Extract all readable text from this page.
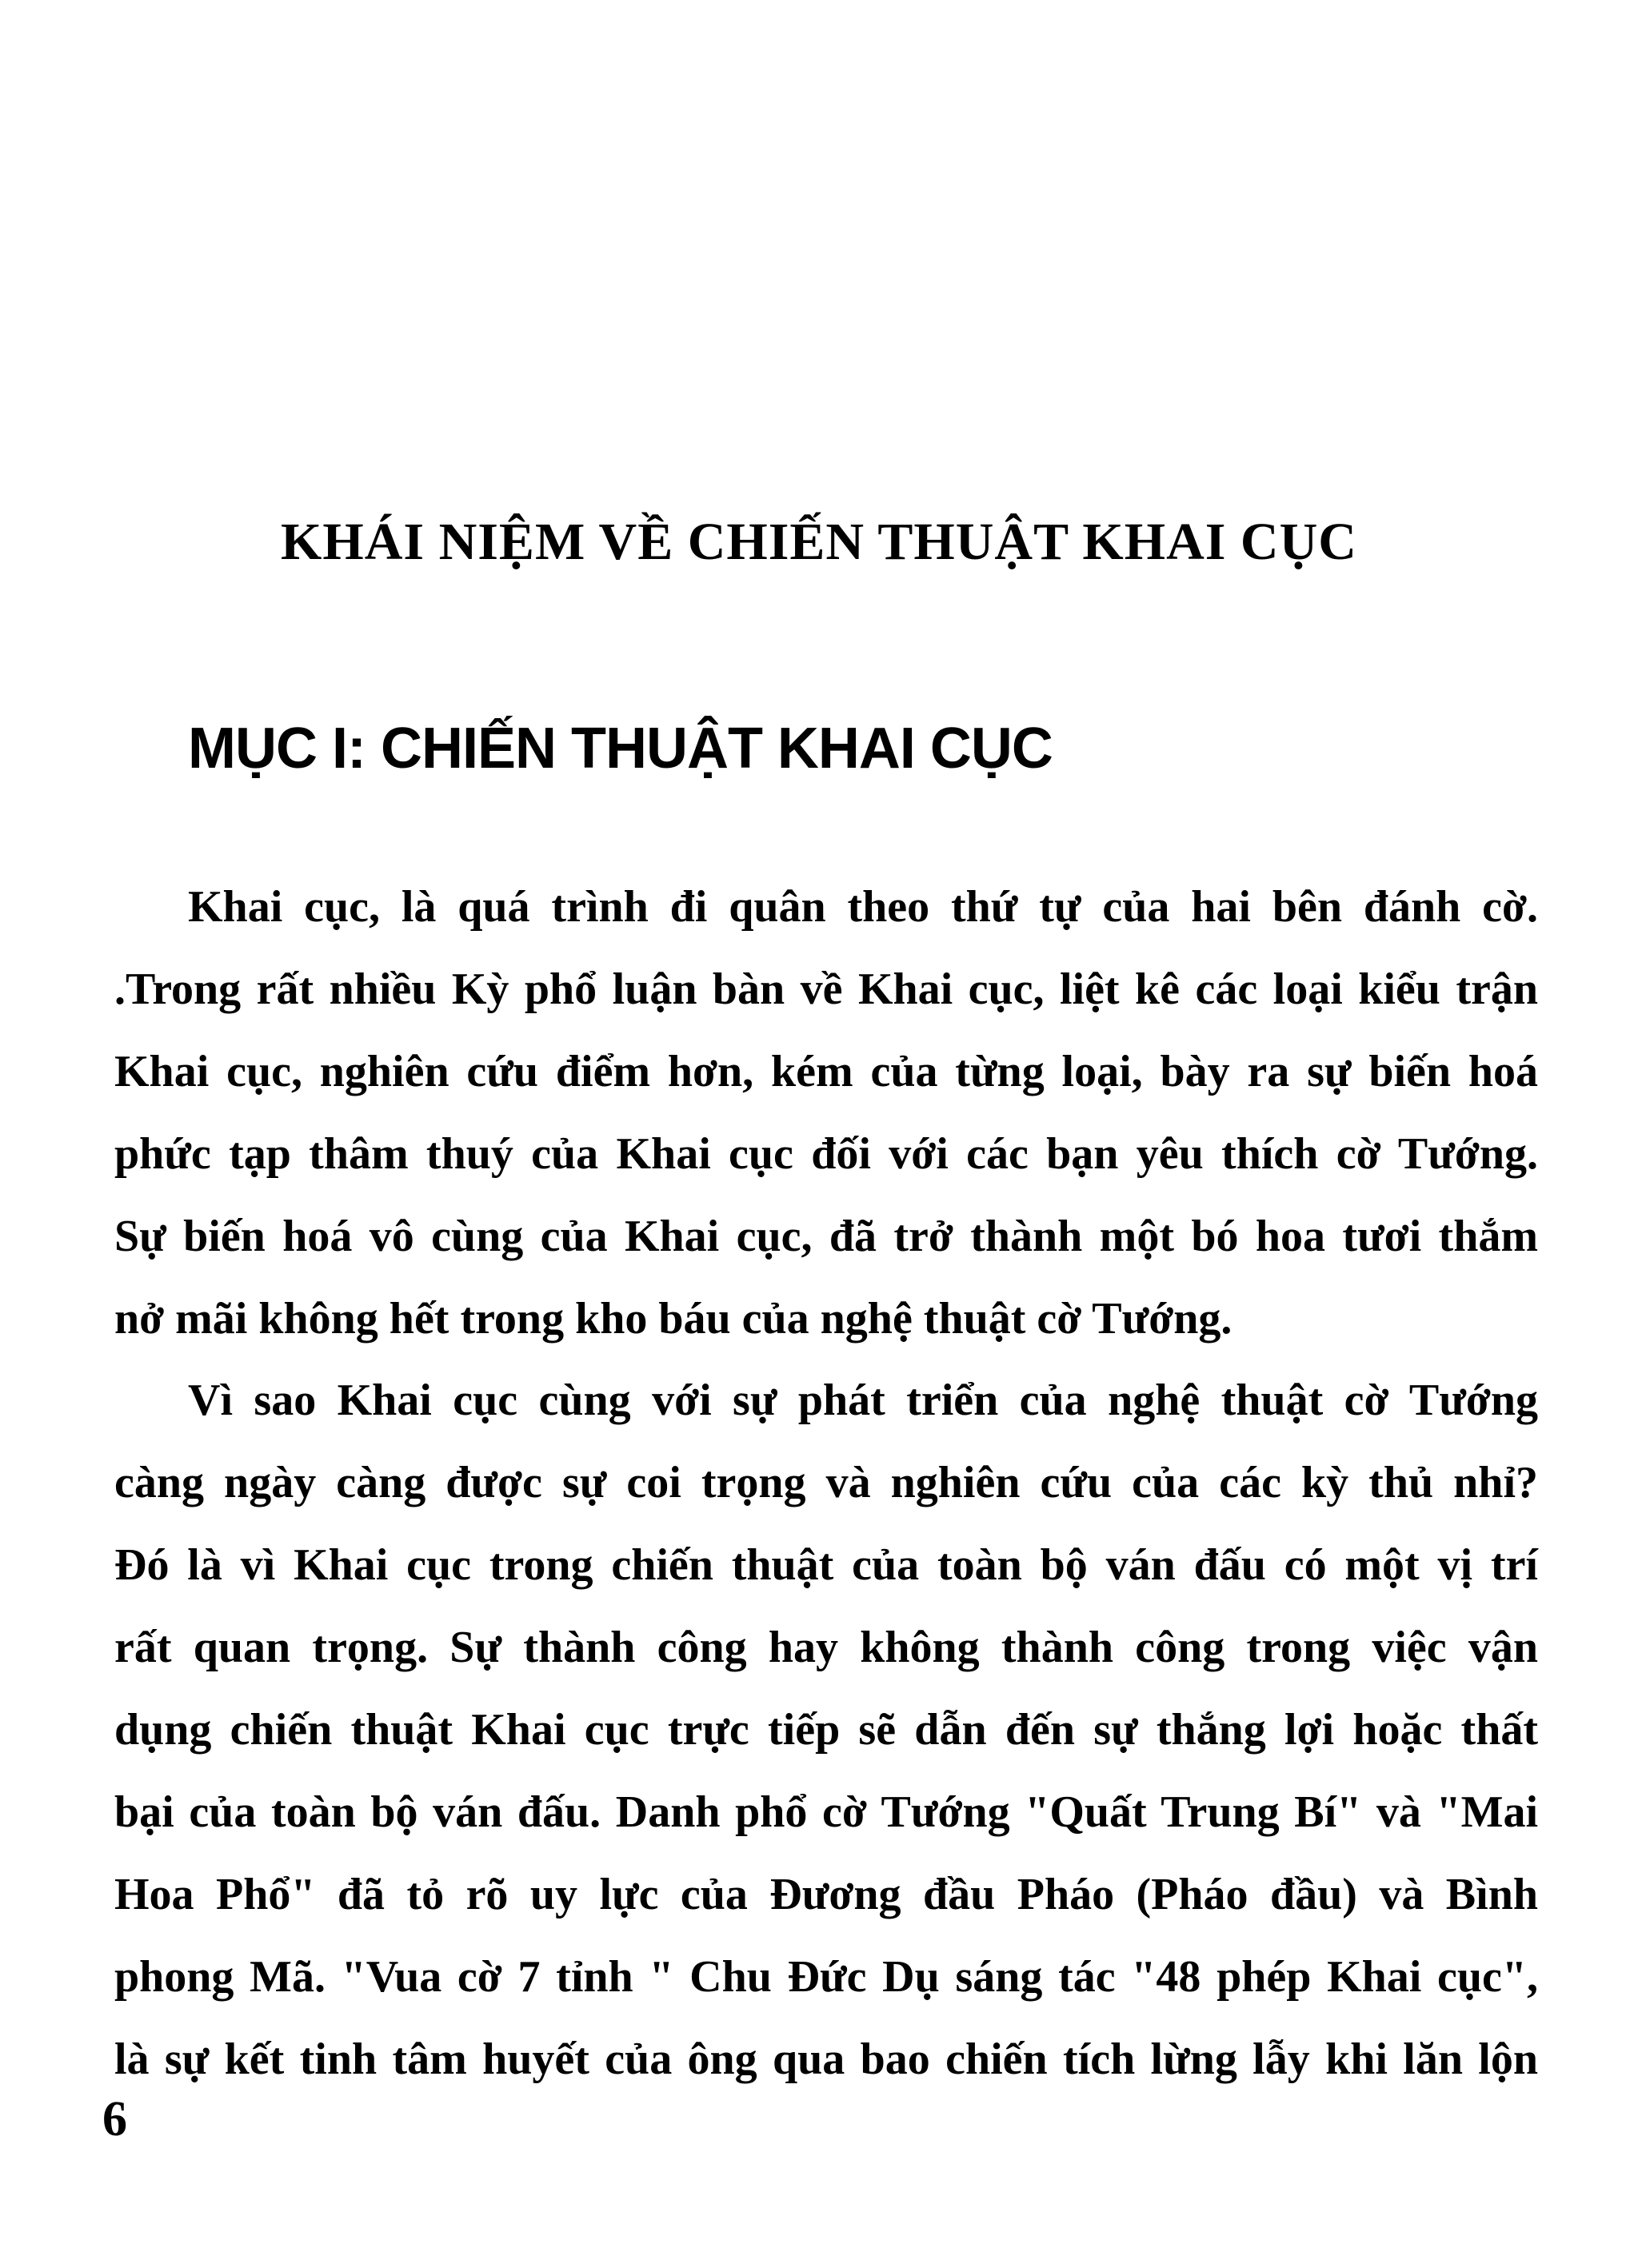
KHÁI NIỆM VỀ CHIẾN THUẬT KHAI CỤC
MỤC I: CHIẾN THUẬT KHAI CỤC
Khai cục, là quá trình đi quân theo thứ tự của hai bên đánh cờ.
.Trong rất nhiều Kỳ phổ luận bàn về Khai cục, liệt kê các loại kiểu trận
Khai cục, nghiên cứu điểm hơn, kém của từng loại, bày ra sự biến hoá
phức tạp thâm thuý của Khai cục đối với các bạn yêu thích cờ Tướng.
Sự biến hoá vô cùng của Khai cục, đã trở thành một bó hoa tươi thắm
nở mãi không hết trong kho báu của nghệ thuật cờ Tướng.
Vì sao Khai cục cùng với sự phát triển của nghệ thuật cờ Tướng
càng ngày càng được sự coi trọng và nghiên cứu của các kỳ thủ nhỉ?
Đó là vì Khai cục trong chiến thuật của toàn bộ ván đấu có một vị trí
rất quan trọng. Sự thành công hay không thành công trong việc vận
dụng chiến thuật Khai cục trực tiếp sẽ dẫn đến sự thắng lợi hoặc thất
bại của toàn bộ ván đấu. Danh phổ cờ Tướng "Quất Trung Bí" và "Mai
Hoa Phổ" đã tỏ rõ uy lực của Đương đầu Pháo (Pháo đầu) và Bình
phong Mã. "Vua cờ 7 tỉnh " Chu Đức Dụ sáng tác "48 phép Khai cục",
là sự kết tinh tâm huyết của ông qua bao chiến tích lừng lẫy khi lăn lộn
6
